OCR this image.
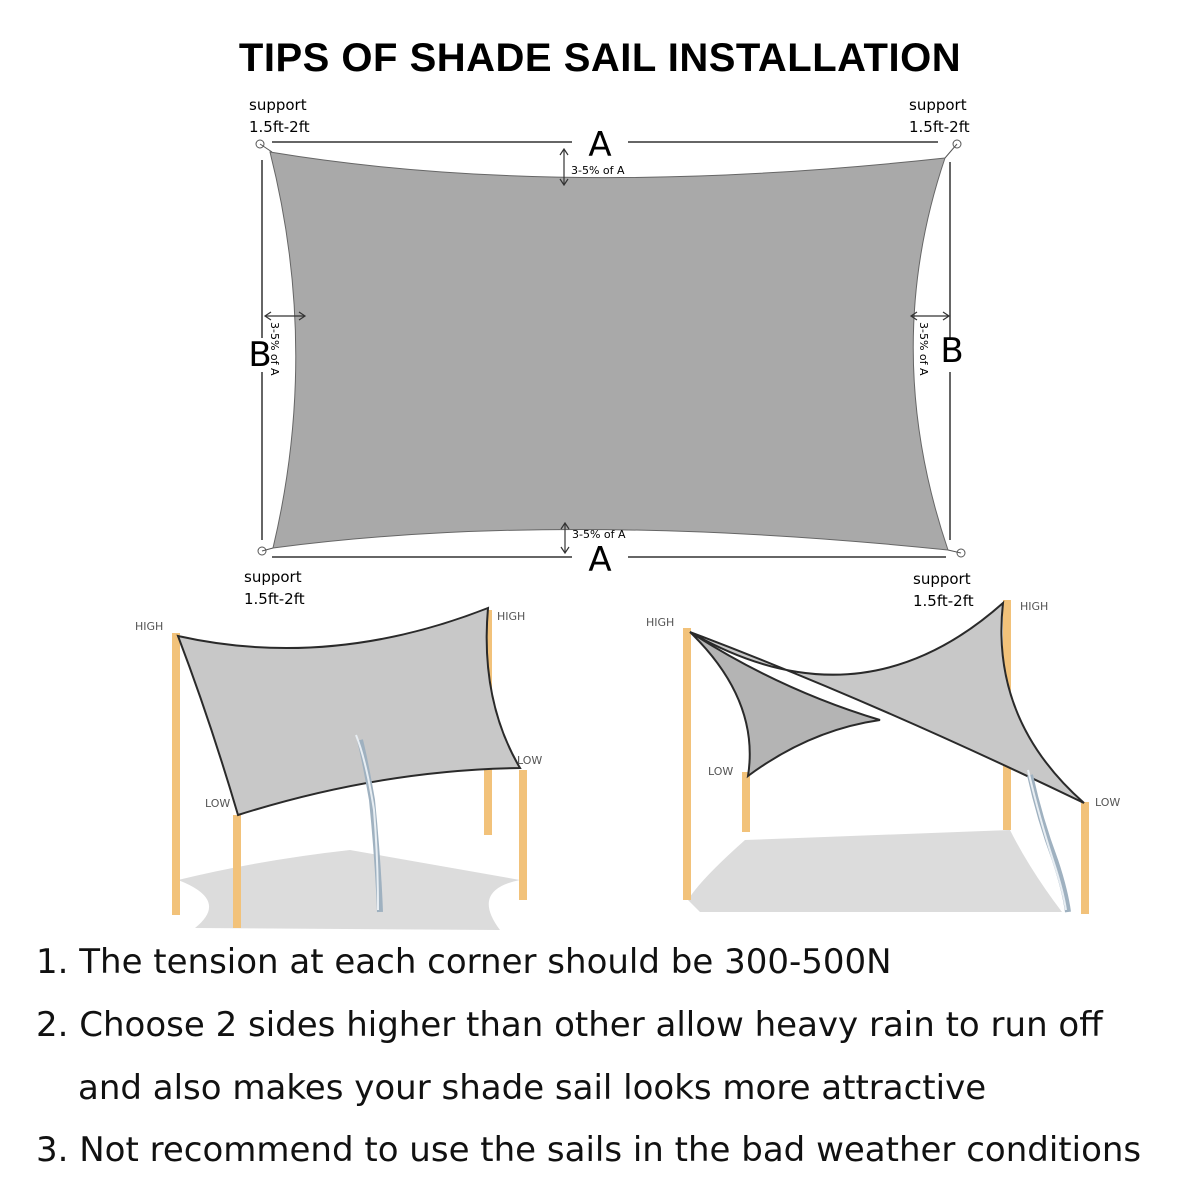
TIPS OF SHADE SAIL INSTALLATION
A
3-5% of A
A
3-5% of A
B
3-5% of A	B
3-5% of A
support
1.5ft-2ft
support
1.5ft-2ft
support
1.5ft-2ft
support
1.5ft-2ft
HIGH
HIGH
LOW
LOW
HIGH
HIGH
LOW
LOW
1. The tension at each corner should be 300-500N
2. Choose 2 sides higher than other allow heavy rain to run off
and also makes your shade sail looks more attractive
3. Not recommend to use the sails in the bad weather conditions
